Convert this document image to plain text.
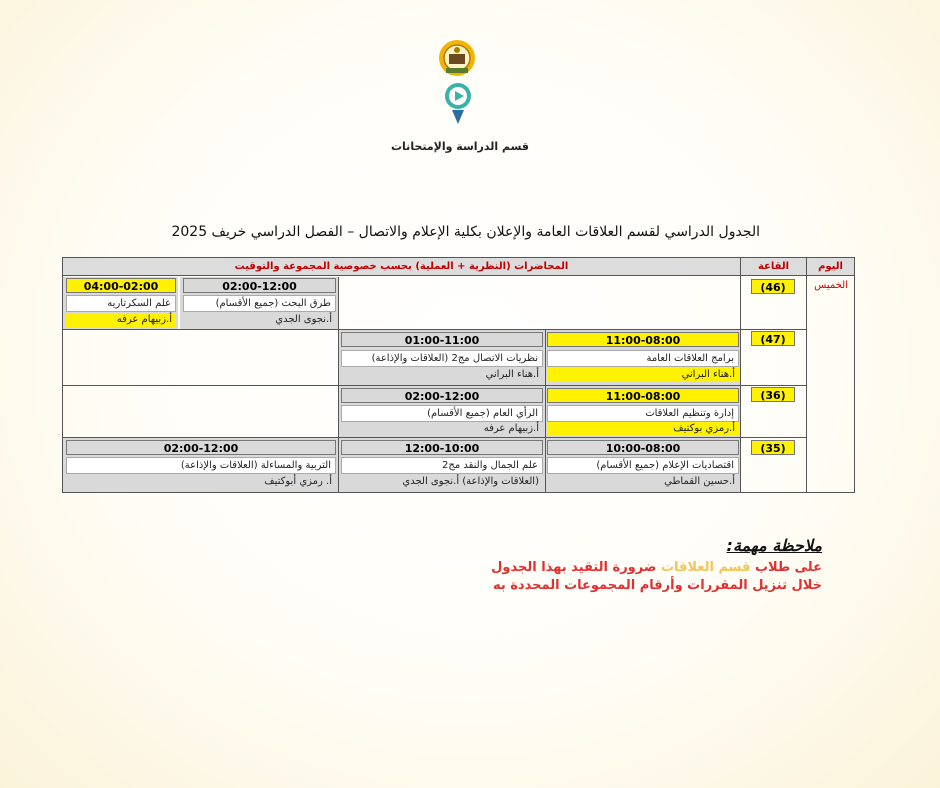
قسم الدراسة والإمتحانات
الجدول الدراسي لقسم العلاقات العامة والإعلان بكلية الإعلام والاتصال – الفصل الدراسي خريف 2025
المحاضرات (النظرية + العملية) بحسب خصوصية المجموعة والتوقيت	القاعة	اليوم
الخميس
(46)
02:00-12:00
طرق البحث (جميع الأقسام)
أ.نجوى الجدي
04:00-02:00
علم السكرتاريه
أ.زبيهام عرفه
(47)
11:00-08:00
برامج العلاقات العامة
أ.هناء البراني
01:00-11:00
نظريات الاتصال مج2 (العلاقات والإذاعة)
أ.هناء البراني
(36)
11:00-08:00
إدارة وتنظيم العلاقات
أ.رمزي بوكتيف
02:00-12:00
الرأي العام (جميع الأقسام)
أ.زبيهام عرفه
(35)
10:00-08:00
اقتصاديات الإعلام (جميع الأقسام)
أ.حسين القماطي
12:00-10:00
علم الجمال والنقد مج2
(العلاقات والإذاعة) أ.نجوى الجدي
02:00-12:00
التربية والمساءلة (العلاقات والإذاعة)
أ. رمزي أبوكتيف
ملاحظة مهمة:
على طلاب قسم العلاقات ضرورة التقيد بهذا الجدول
خلال تنزيل المقررات وأرقام المجموعات المحددة به
